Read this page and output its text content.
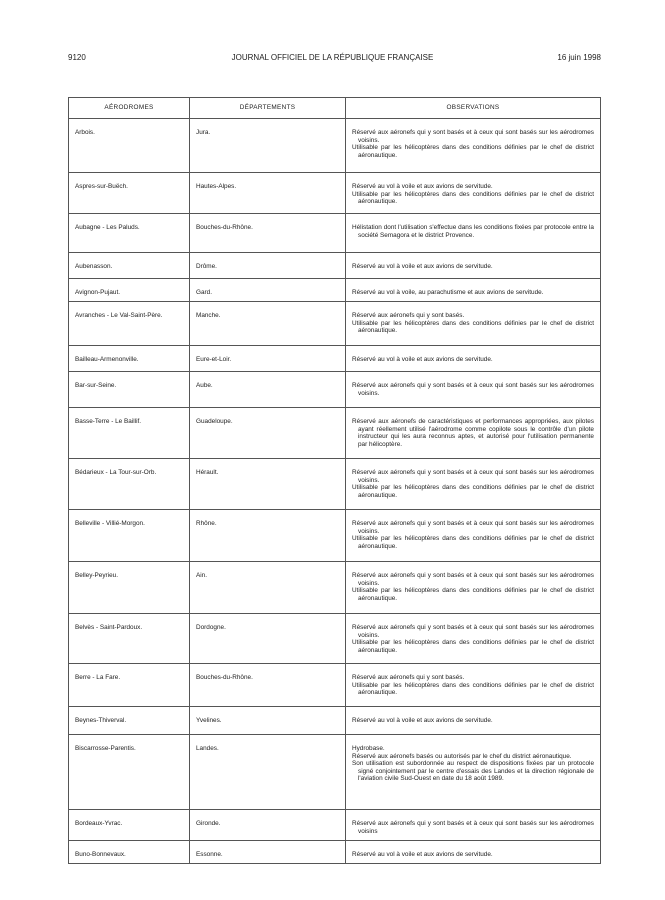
9120	JOURNAL OFFICIEL DE LA RÉPUBLIQUE FRANÇAISE	16 juin 1998
AÉRODROMES	DÉPARTEMENTS	OBSERVATIONS
Arbois.	Jura.	Réservé aux aéronefs qui y sont basés et à ceux qui sont basés sur les aérodromes voisins.

Utilisable par les hélicoptères dans des conditions définies par le chef de district aéronautique.

Aspres-sur-Buëch.	Hautes-Alpes.	Réservé au vol à voile et aux avions de servitude.

Utilisable par les hélicoptères dans des conditions définies par le chef de district aéronautique.

Aubagne - Les Paluds.	Bouches-du-Rhône.	Hélistation dont l'utilisation s'effectue dans les conditions fixées par protocole entre la société Semagora et le district Provence.

Aubenasson.	Drôme.	Réservé au vol à voile et aux avions de servitude.

Avignon-Pujaut.	Gard.	Réservé au vol à voile, au parachutisme et aux avions de servitude.

Avranches - Le Val-Saint-Père.	Manche.	Réservé aux aéronefs qui y sont basés.

Utilisable par les hélicoptères dans des conditions définies par le chef de district aéronautique.

Bailleau-Armenonville.	Eure-et-Loir.	Réservé au vol à voile et aux avions de servitude.

Bar-sur-Seine.	Aube.	Réservé aux aéronefs qui y sont basés et à ceux qui sont basés sur les aérodromes voisins.

Basse-Terre - Le Baillif.	Guadeloupe.	Réservé aux aéronefs de caractéristiques et performances appropriées, aux pilotes ayant réellement utilisé l'aérodrome comme copilote sous le contrôle d'un pilote instructeur qui les aura reconnus aptes, et autorisé pour l'utilisation permanente par hélicoptère.

Bédarieux - La Tour-sur-Orb.	Hérault.	Réservé aux aéronefs qui y sont basés et à ceux qui sont basés sur les aérodromes voisins.

Utilisable par les hélicoptères dans des conditions définies par le chef de district aéronautique.

Belleville - Villié-Morgon.	Rhône.	Réservé aux aéronefs qui y sont basés et à ceux qui sont basés sur les aérodromes voisins.

Utilisable par les hélicoptères dans des conditions définies par le chef de district aéronautique.

Belley-Peyrieu.	Ain.	Réservé aux aéronefs qui y sont basés et à ceux qui sont basés sur les aérodromes voisins.

Utilisable par les hélicoptères dans des conditions définies par le chef de district aéronautique.

Belvès - Saint-Pardoux.	Dordogne.	Réservé aux aéronefs qui y sont basés et à ceux qui sont basés sur les aérodromes voisins.

Utilisable par les hélicoptères dans des conditions définies par le chef de district aéronautique.

Berre - La Fare.	Bouches-du-Rhône.	Réservé aux aéronefs qui y sont basés.

Utilisable par les hélicoptères dans des conditions définies par le chef de district aéronautique.

Beynes-Thiverval.	Yvelines.	Réservé au vol à voile et aux avions de servitude.

Biscarrosse-Parentis.	Landes.	Hydrobase.

Réservé aux aéronefs basés ou autorisés par le chef du district aéronautique.

Son utilisation est subordonnée au respect de dispositions fixées par un protocole signé conjointement par le centre d'essais des Landes et la direction régionale de l'aviation civile Sud-Ouest en date du 18 août 1989.

Bordeaux-Yvrac.	Gironde.	Réservé aux aéronefs qui y sont basés et à ceux qui sont basés sur les aérodromes voisins

Buno-Bonnevaux.	Essonne.	Réservé au vol à voile et aux avions de servitude.
